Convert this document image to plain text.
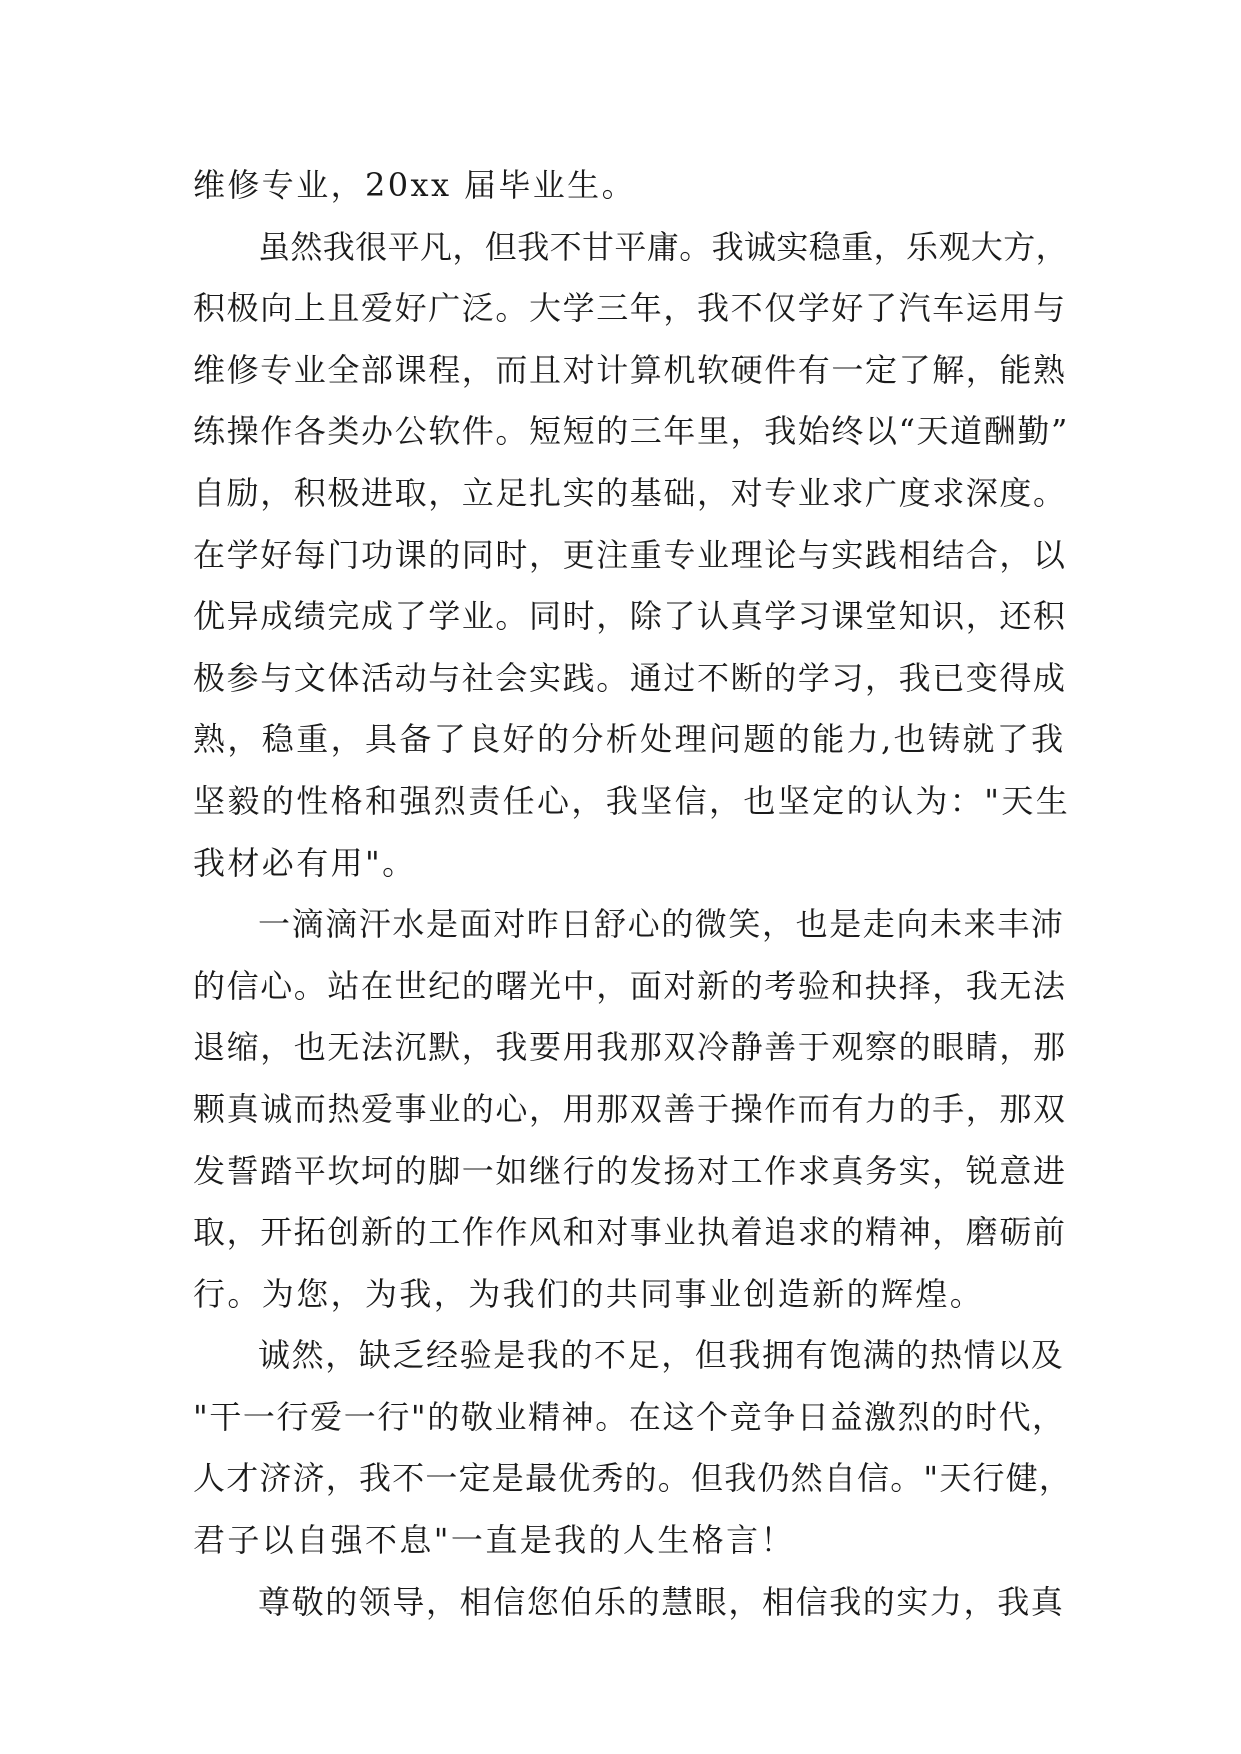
维修专业，20xx 届毕业生。
虽然我很平凡，但我不甘平庸。我诚实稳重，乐观大方，
积极向上且爱好广泛。大学三年，我不仅学好了汽车运用与
维修专业全部课程，而且对计算机软硬件有一定了解，能熟
练操作各类办公软件。短短的三年里，我始终以“天道酬勤”
自励，积极进取，立足扎实的基础，对专业求广度求深度。
在学好每门功课的同时，更注重专业理论与实践相结合，以
优异成绩完成了学业。同时，除了认真学习课堂知识，还积
极参与文体活动与社会实践。通过不断的学习，我已变得成
熟，稳重，具备了良好的分析处理问题的能力,也铸就了我
坚毅的性格和强烈责任心，我坚信，也坚定的认为："天生
我材必有用"。
一滴滴汗水是面对昨日舒心的微笑，也是走向未来丰沛
的信心。站在世纪的曙光中，面对新的考验和抉择，我无法
退缩，也无法沉默，我要用我那双冷静善于观察的眼睛，那
颗真诚而热爱事业的心，用那双善于操作而有力的手，那双
发誓踏平坎坷的脚一如继行的发扬对工作求真务实，锐意进
取，开拓创新的工作作风和对事业执着追求的精神，磨砺前
行。为您，为我，为我们的共同事业创造新的辉煌。
诚然，缺乏经验是我的不足，但我拥有饱满的热情以及
"干一行爱一行"的敬业精神。在这个竞争日益激烈的时代，
人才济济，我不一定是最优秀的。但我仍然自信。"天行健，
君子以自强不息"一直是我的人生格言！
尊敬的领导，相信您伯乐的慧眼，相信我的实力，我真
